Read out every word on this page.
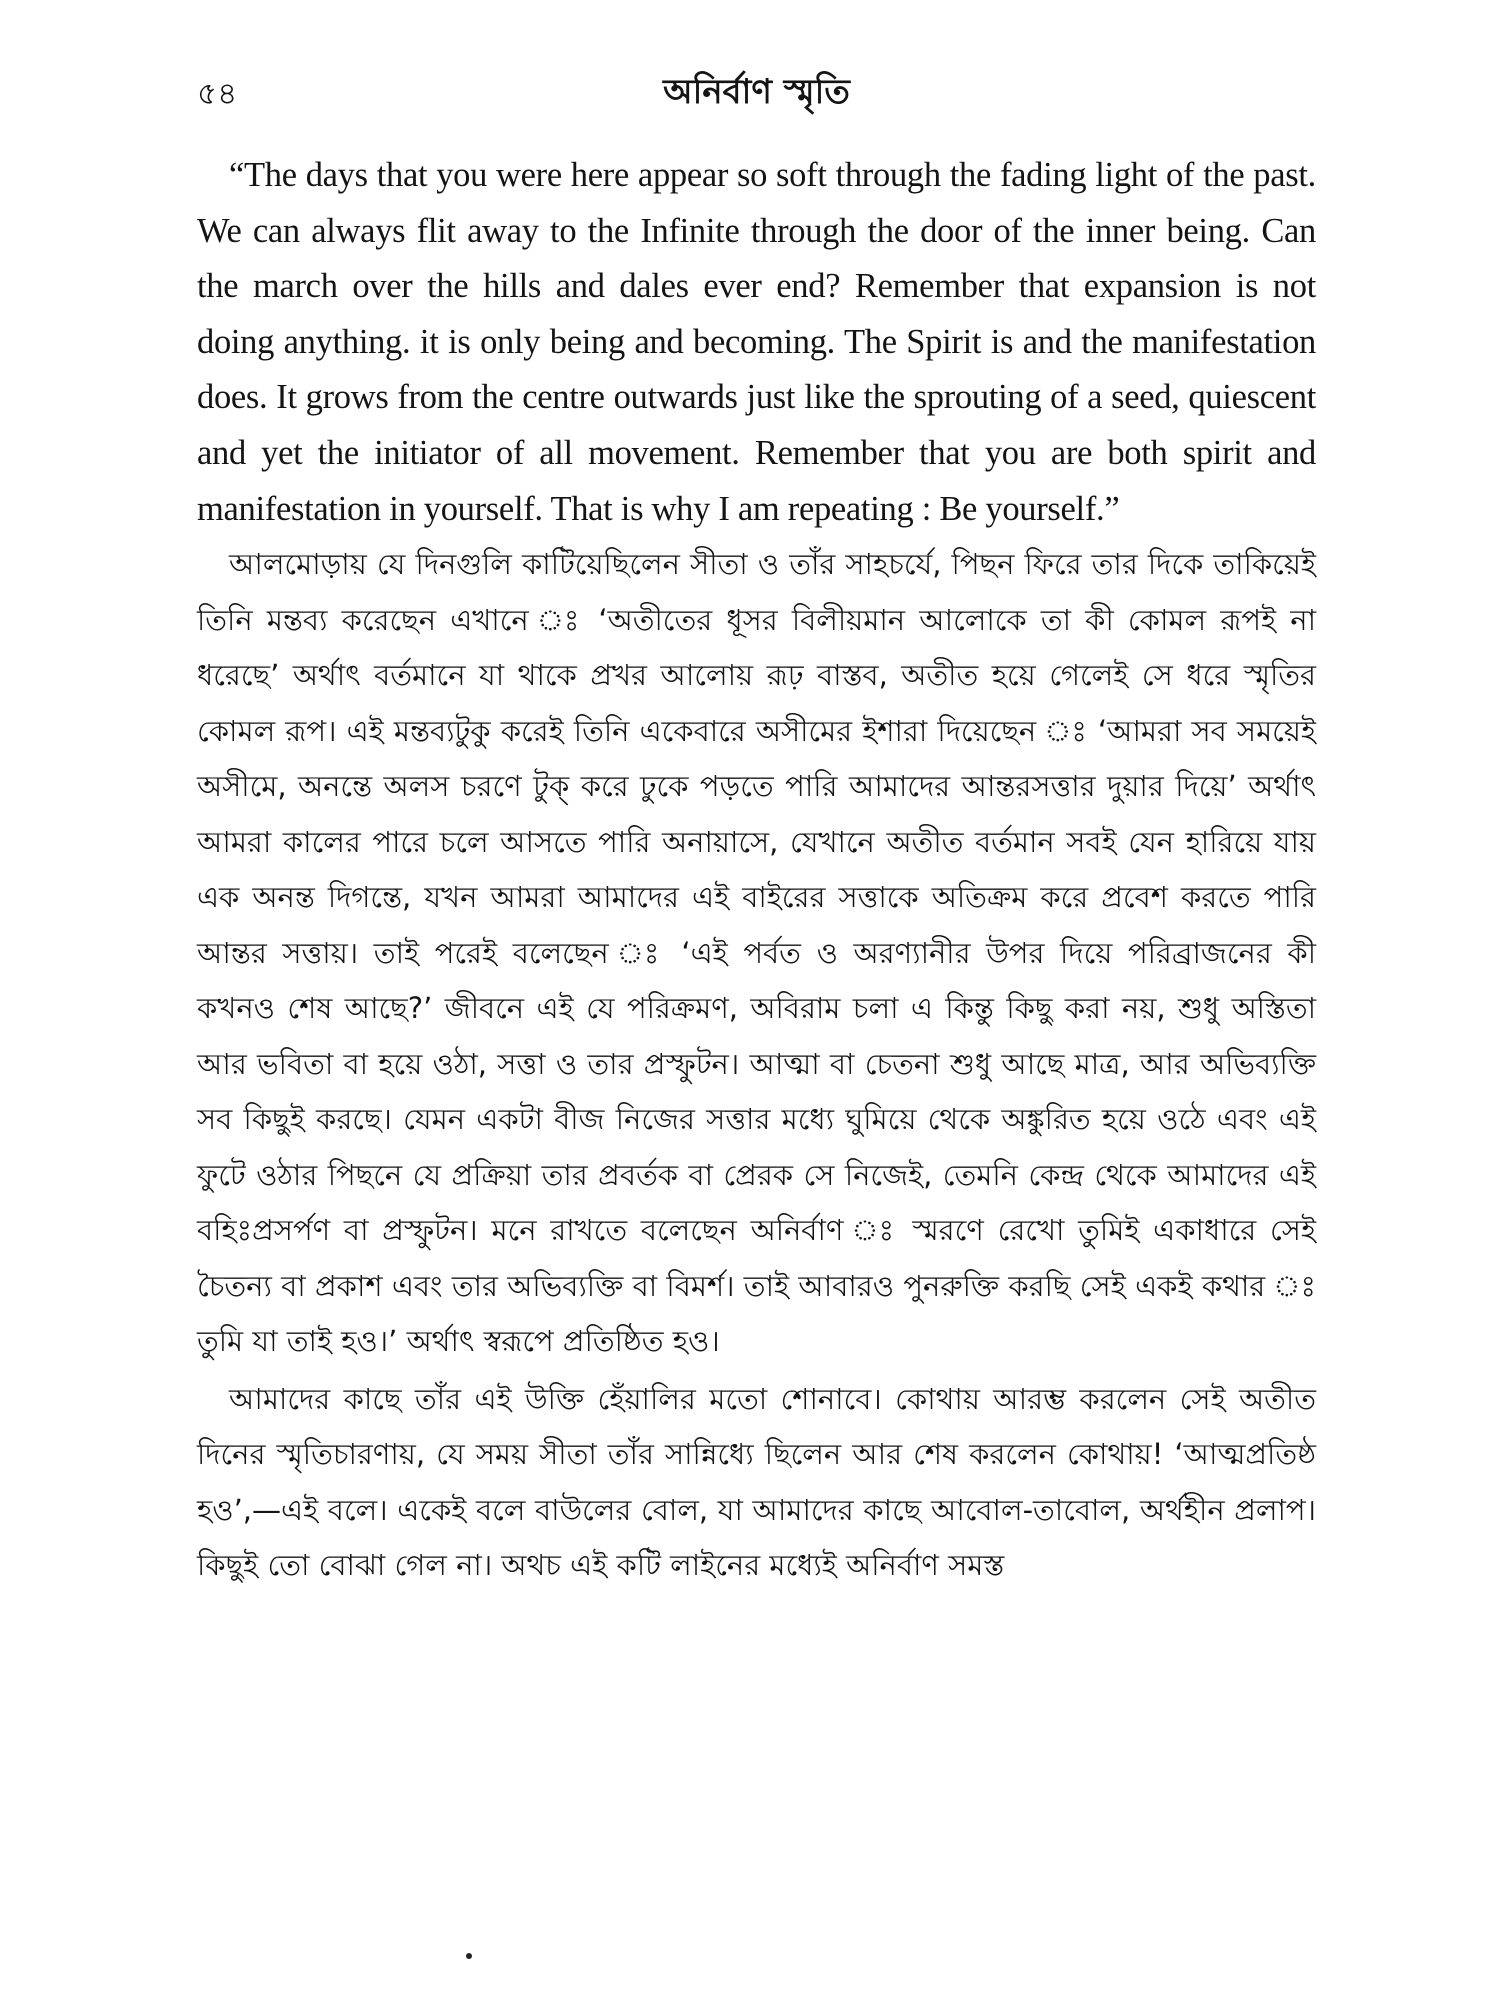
৫৪	অনির্বাণ স্মৃতি

“The days that you were here appear so soft through the fading light of the past. We can always flit away to the Infinite through the door of the inner being. Can the march over the hills and dales ever end? Remember that expansion is not doing anything. it is only being and becoming. The Spirit is and the manifestation does. It grows from the centre outwards just like the sprouting of a seed, quiescent and yet the initiator of all movement. Remember that you are both spirit and manifestation in yourself. That is why I am repeating : Be yourself.”

আলমোড়ায় যে দিনগুলি কাটিয়েছিলেন সীতা ও তাঁর সাহচর্যে, পিছন ফিরে তার দিকে তাকিয়েই তিনি মন্তব্য করেছেন এখানে ঃ ‘অতীতের ধূসর বিলীয়মান আলোকে তা কী কোমল রূপই না ধরেছে’ অর্থাৎ বর্তমানে যা থাকে প্রখর আলোয় রূঢ় বাস্তব, অতীত হয়ে গেলেই সে ধরে স্মৃতির কোমল রূপ। এই মন্তব্যটুকু করেই তিনি একেবারে অসীমের ইশারা দিয়েছেন ঃ ‘আমরা সব সময়েই অসীমে, অনন্তে অলস চরণে টুক্ করে ঢুকে পড়তে পারি আমাদের আন্তরসত্তার দুয়ার দিয়ে’ অর্থাৎ আমরা কালের পারে চলে আসতে পারি অনায়াসে, যেখানে অতীত বর্তমান সবই যেন হারিয়ে যায় এক অনন্ত দিগন্তে, যখন আমরা আমাদের এই বাইরের সত্তাকে অতিক্রম করে প্রবেশ করতে পারি আন্তর সত্তায়। তাই পরেই বলেছেন ঃ ‘এই পর্বত ও অরণ্যানীর উপর দিয়ে পরিব্রাজনের কী কখনও শেষ আছে?’ জীবনে এই যে পরিক্রমণ, অবিরাম চলা এ কিন্তু কিছু করা নয়, শুধু অস্তিতা আর ভবিতা বা হয়ে ওঠা, সত্তা ও তার প্রস্ফুটন। আত্মা বা চেতনা শুধু আছে মাত্র, আর অভিব্যক্তি সব কিছুই করছে। যেমন একটা বীজ নিজের সত্তার মধ্যে ঘুমিয়ে থেকে অঙ্কুরিত হয়ে ওঠে এবং এই ফুটে ওঠার পিছনে যে প্রক্রিয়া তার প্রবর্তক বা প্রেরক সে নিজেই, তেমনি কেন্দ্র থেকে আমাদের এই বহিঃপ্রসর্পণ বা প্রস্ফুটন। মনে রাখতে বলেছেন অনির্বাণ ঃ স্মরণে রেখো তুমিই একাধারে সেই চৈতন্য বা প্রকাশ এবং তার অভিব্যক্তি বা বিমর্শ। তাই আবারও পুনরুক্তি করছি সেই একই কথার ঃ তুমি যা তাই হও।’ অর্থাৎ স্বরূপে প্রতিষ্ঠিত হও।

আমাদের কাছে তাঁর এই উক্তি হেঁয়ালির মতো শোনাবে। কোথায় আরম্ভ করলেন সেই অতীত দিনের স্মৃতিচারণায়, যে সময় সীতা তাঁর সান্নিধ্যে ছিলেন আর শেষ করলেন কোথায়! ‘আত্মপ্রতিষ্ঠ হও’,—এই বলে। একেই বলে বাউলের বোল, যা আমাদের কাছে আবোল-তাবোল, অর্থহীন প্রলাপ। কিছুই তো বোঝা গেল না। অথচ এই কটি লাইনের মধ্যেই অনির্বাণ সমস্ত
